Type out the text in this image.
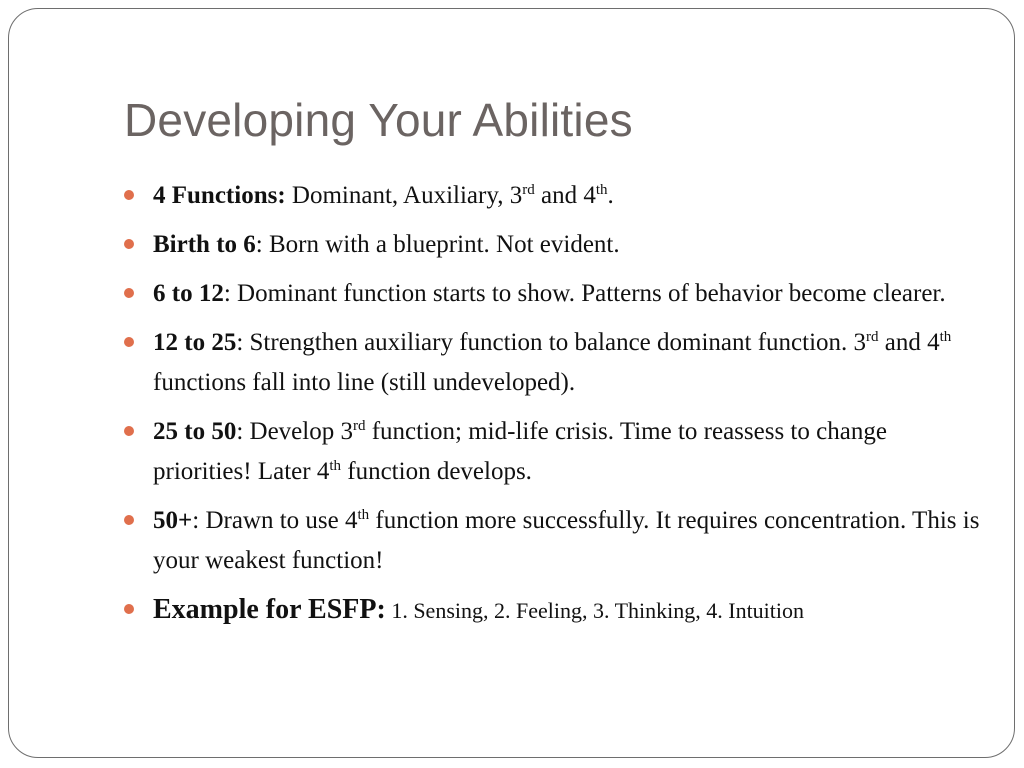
Developing Your Abilities
4 Functions: Dominant, Auxiliary, 3rd and 4th.
Birth to 6: Born with a blueprint. Not evident.
6 to 12: Dominant function starts to show. Patterns of behavior become clearer.
12 to 25: Strengthen auxiliary function to balance dominant function. 3rd and 4th functions fall into line (still undeveloped).
25 to 50: Develop 3rd function; mid-life crisis. Time to reassess to change priorities! Later 4th function develops.
50+: Drawn to use 4th function more successfully. It requires concentration. This is your weakest function!
Example for ESFP: 1. Sensing, 2. Feeling, 3. Thinking, 4. Intuition
